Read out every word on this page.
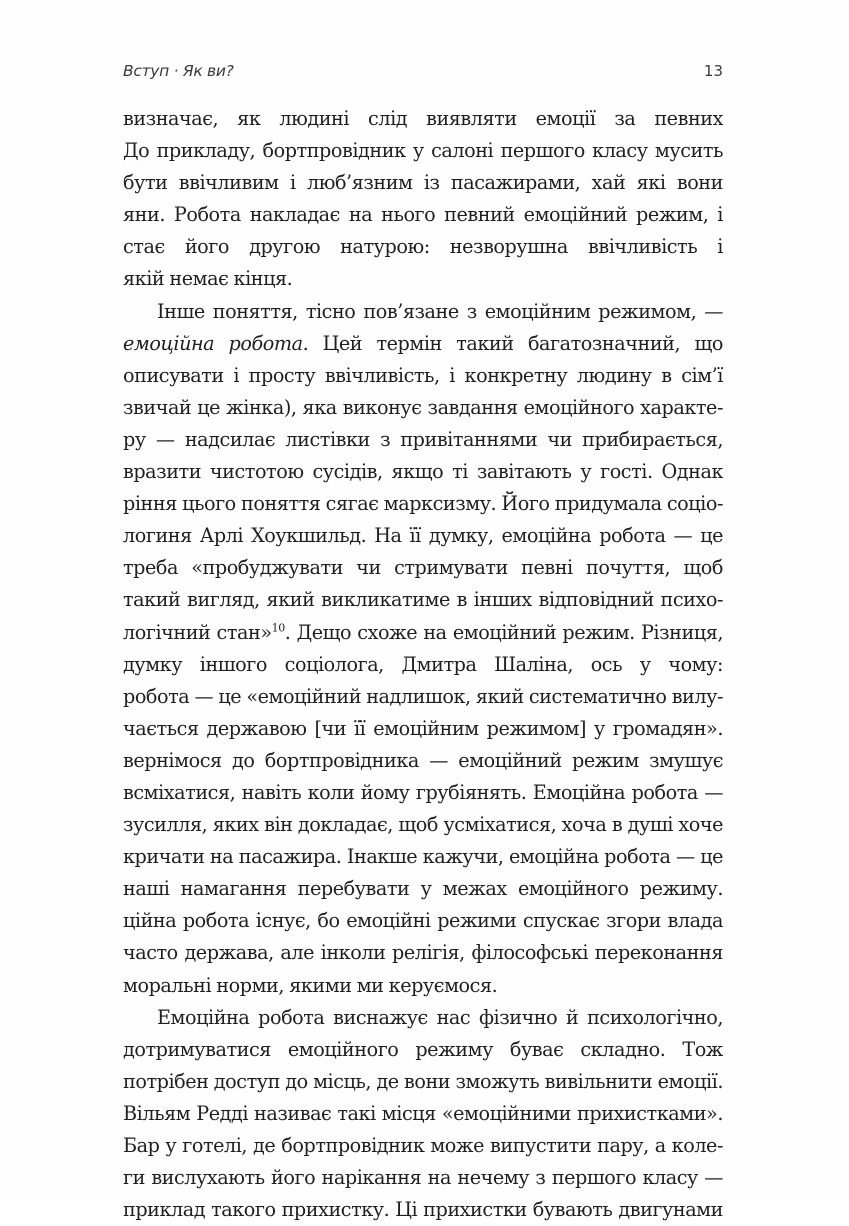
Вступ · Як ви?	13
визначає, як людині слід виявляти емоції за певних
До прикладу, бортпровідник у салоні першого класу мусить
бути ввічливим і люб’язним із пасажирами, хай які вони
яни. Робота накладає на нього певний емоційний режим, і
стає його другою натурою: незворушна ввічливість і
якій немає кінця.
Інше поняття, тісно пов’язане з емоційним режимом, —
емоційна робота. Цей термін такий багатозначний, що
описувати і просту ввічливість, і конкретну людину в сім’ї
звичай це жінка), яка виконує завдання емоційного характе-
ру — надсилає листівки з привітаннями чи прибирається,
вразити чистотою сусідів, якщо ті завітають у гості. Однак
ріння цього поняття сягає марксизму. Його придумала соціо-
логиня Арлі Хоукшильд. На її думку, емоційна робота — це
треба «пробуджувати чи стримувати певні почуття, щоб
такий вигляд, який викликатиме в інших відповідний психо-
логічний стан»$^{10}$. Дещо схоже на емоційний режим. Різниця,
думку іншого соціолога, Дмитра Шаліна, ось у чому:
робота — це «емоційний надлишок, який систематично вилу-
чається державою [чи її емоційним режимом] у громадян».
вернімося до бортпровідника — емоційний режим змушує
всміхатися, навіть коли йому грубіянять. Емоційна робота —
зусилля, яких він докладає, щоб усміхатися, хоча в душі хоче
кричати на пасажира. Інакше кажучи, емоційна робота — це
наші намагання перебувати у межах емоційного режиму.
ційна робота існує, бо емоційні режими спускає згори влада
часто держава, але інколи релігія, філософські переконання
моральні норми, якими ми керуємося.
Емоційна робота виснажує нас фізично й психологічно,
дотримуватися емоційного режиму буває складно. Тож
потрібен доступ до місць, де вони зможуть вивільнити емоції.
Вільям Редді називає такі місця «емоційними прихистками».
Бар у готелі, де бортпровідник може випустити пару, а коле-
ги вислухають його нарікання на нечему з першого класу —
приклад такого прихистку. Ці прихистки бувають двигунами
